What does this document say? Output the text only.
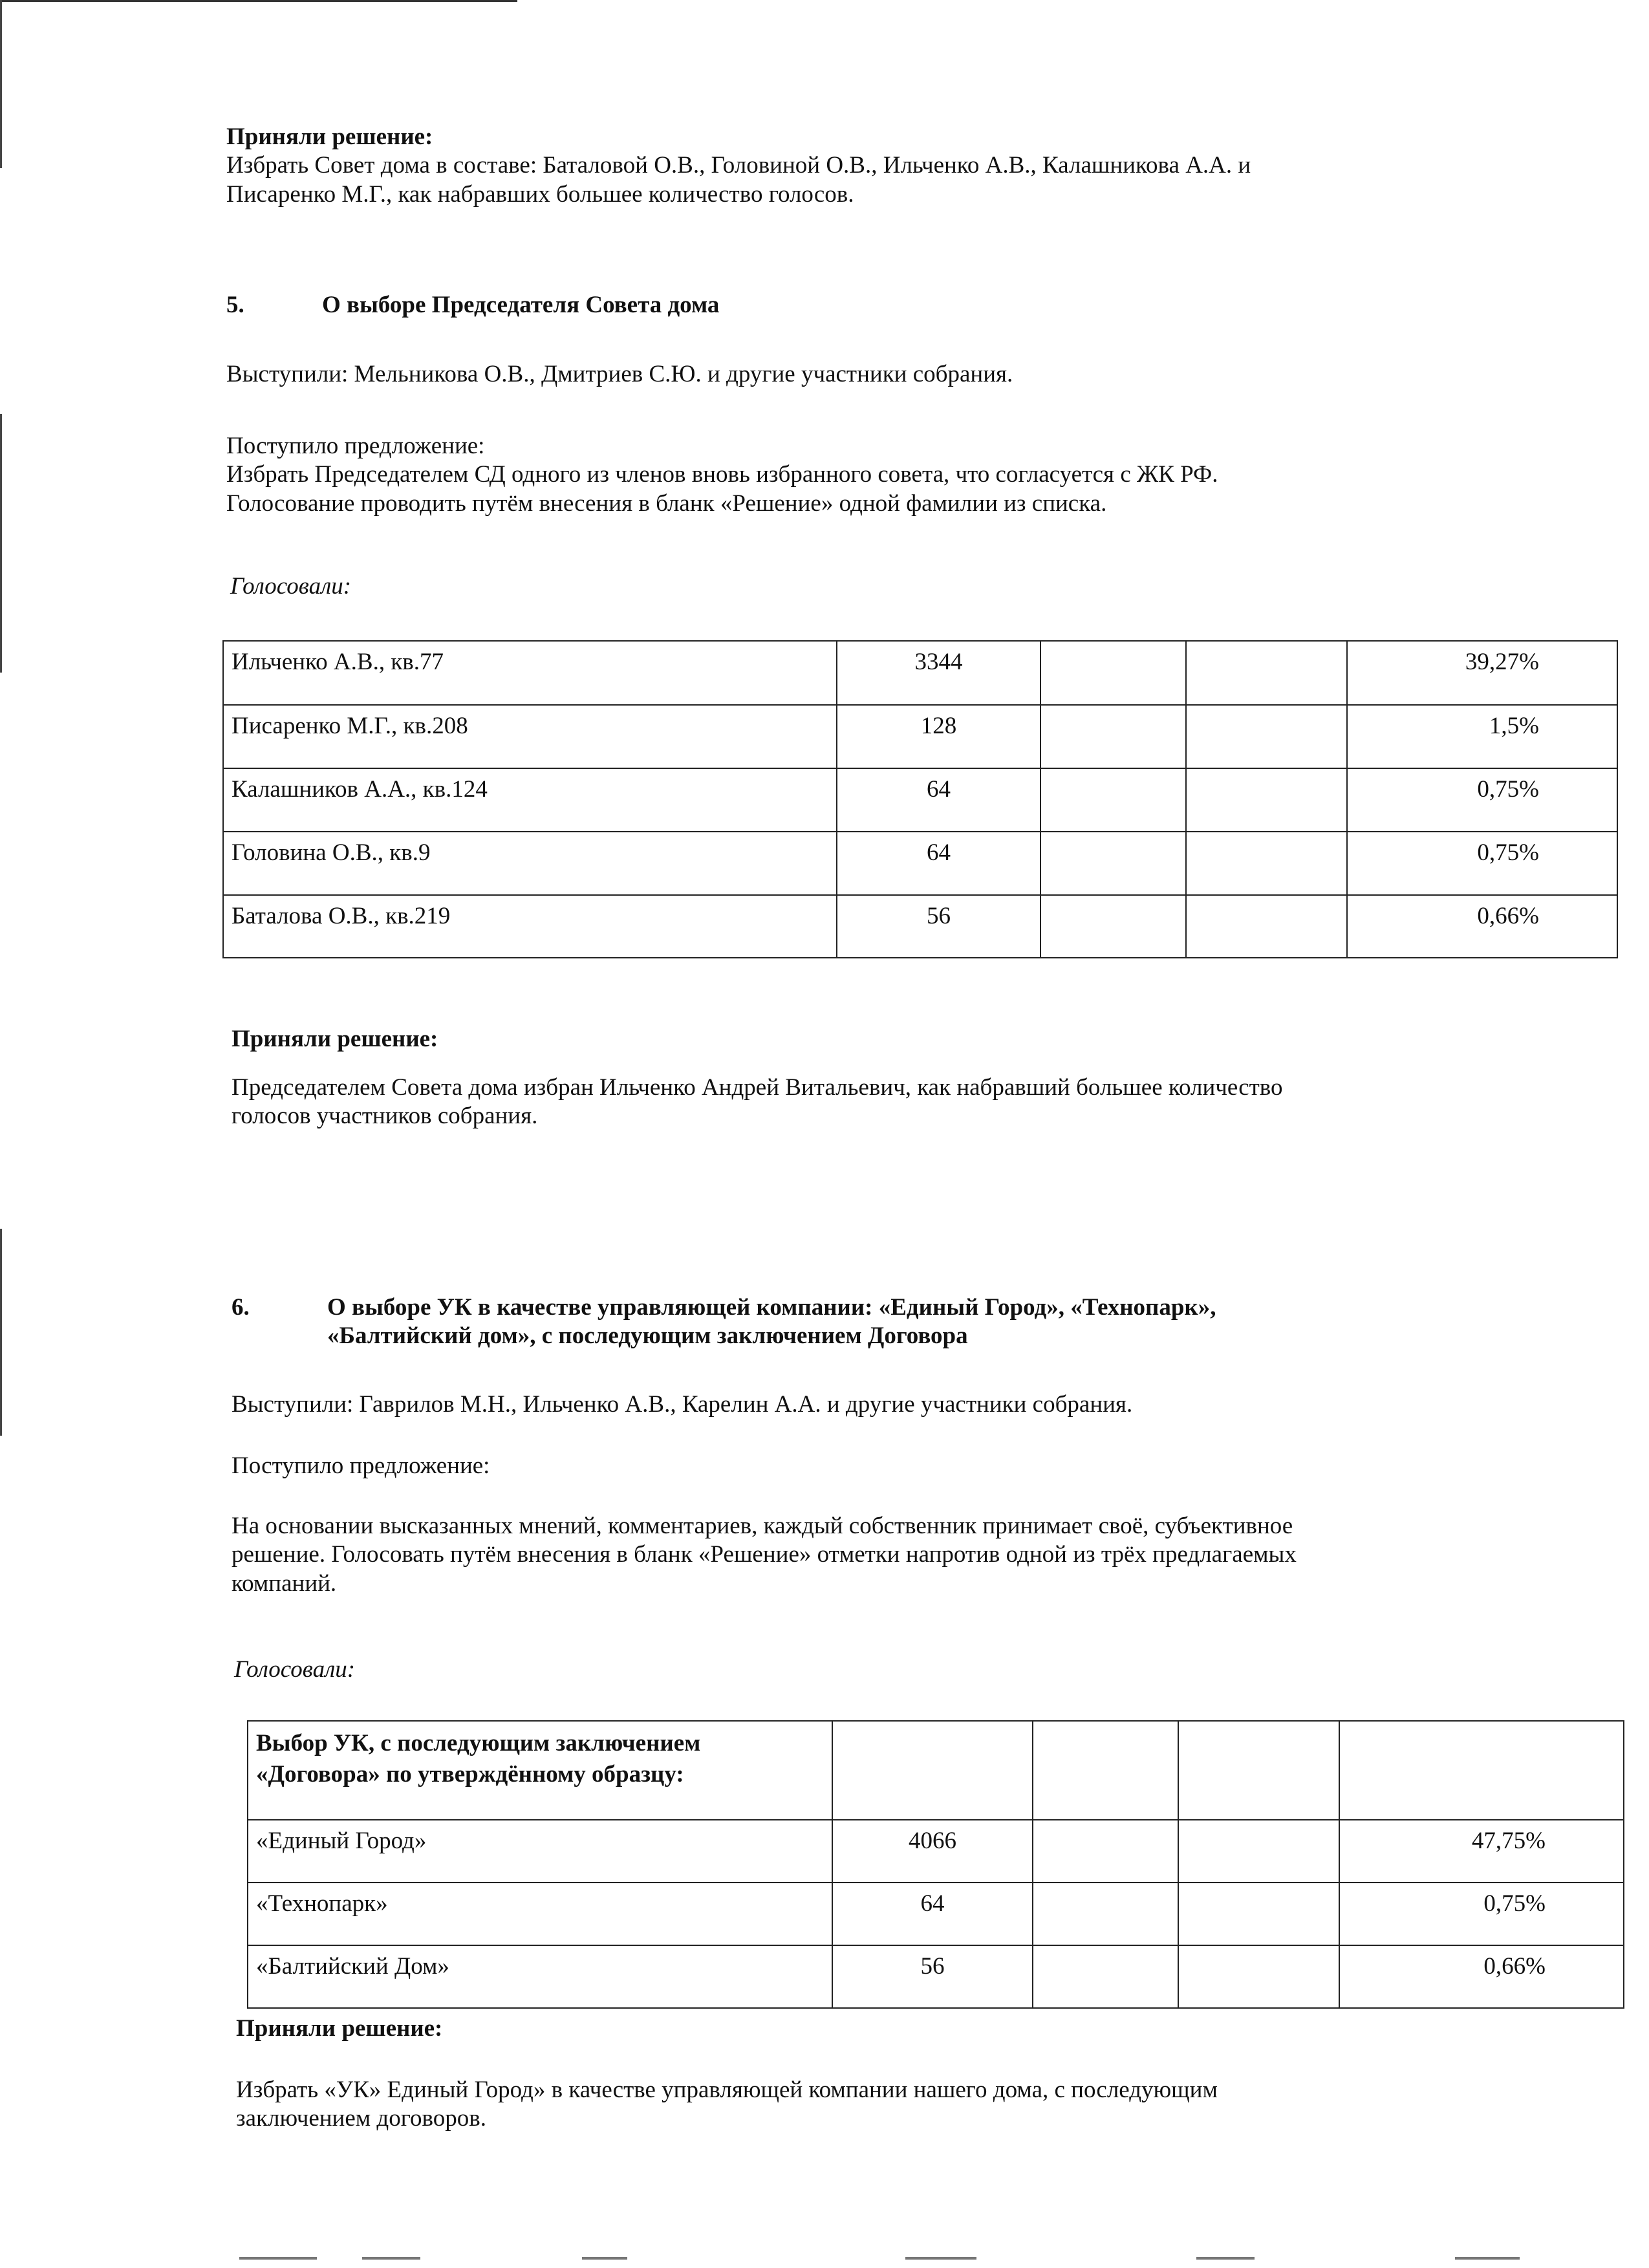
Приняли решение:

Избрать Совет дома в составе: Баталовой О.В., Головиной О.В., Ильченко А.В., Калашникова А.А. и

Писаренко М.Г., как набравших большее количество голосов.

5.	О выборе Председателя Совета дома

Выступили: Мельникова О.В., Дмитриев С.Ю. и другие участники собрания.

Поступило предложение:

Избрать Председателем СД одного из членов вновь избранного совета, что согласуется с ЖК РФ.

Голосование проводить путём внесения в бланк «Решение» одной фамилии из списка.

Голосовали:

Ильченко А.В., кв.77	3344			39,27%
Писаренко М.Г., кв.208	128			1,5%
Калашников А.А., кв.124	64			0,75%
Головина О.В., кв.9	64			0,75%
Баталова О.В., кв.219	56			0,66%

Приняли решение:

Председателем Совета дома избран Ильченко Андрей Витальевич, как набравший большее количество

голосов участников собрания.

6.	О выборе УК в качестве управляющей компании: «Единый Город», «Технопарк»,

«Балтийский дом», с последующим заключением Договора

Выступили: Гаврилов М.Н., Ильченко А.В., Карелин А.А. и другие участники собрания.

Поступило предложение:

На основании высказанных мнений, комментариев, каждый собственник принимает своё, субъективное

решение. Голосовать путём внесения в бланк «Решение» отметки напротив одной из трёх предлагаемых

компаний.

Голосовали:

Выбор УК, с последующим заключением
«Договора» по утверждённому образцу:				

«Единый Город»	4066			47,75%
«Технопарк»	64			0,75%
«Балтийский Дом»	56			0,66%

Приняли решение:

Избрать «УК» Единый Город» в качестве управляющей компании нашего дома, с последующим

заключением договоров.
